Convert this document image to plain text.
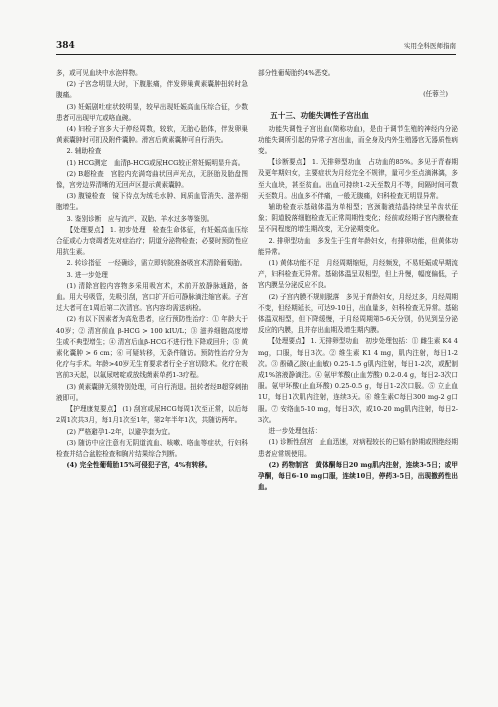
384	实用全科医师指南

多，或可见血块中水泡样物。

(2) 子宫念明显大时，下腹胀痛，伴发卵巢黄素囊肿扭转时急腹痛。

(3) 妊娠剧吐症状较明显，较早出现妊娠高血压综合征，少数患者可出现甲亢或咯血碗。

(4) 妇检子宫多大于停经周数，较软，无胎心胎体，伴发卵巢黄素囊肿时可扪及附件囊肿。滑宫后黄素囊肿可自行消失。

2. 辅助检查

(1) HCG测定　血清β-HCG或尿HCG较正常妊娠明显升高。

(2) B超检查　宫腔内充满弯曲状回声光点，无胚胎及胎盘图像，宫旁边界清晰的无回声区提示黄素囊肿。

(3) 腹镜检查　镜下待点为绒毛水肿、间质血管消失、滋养细胞增生。

3. 鉴别诊断　应与流产、双胎、羊水过多等鉴别。

【处理要点】 1. 初步处理　检查生命体征，有妊娠高血压综合征或心力衰竭者先对症治疗；阴道分泌物检查；必要时预防性应用抗生素。

2. 转诊指征　一经确诊，需立即转院准备吸宫术清除葡萄胎。

3. 进一步处理

(1) 清除宫腔内容物多采用吸宫术，术前开放静脉通路，备血。用大号吸管，先吸引刮，宫口扩开后可静脉滴注缩宫素。子宫过大者可在1周后第二次清宫。宫内容均需送病检。

(2) 有以下因素者为高危患者，应行预防性治疗：① 年龄大于40岁；② 清宫前血 β-HCG > 100 kIU/L；③ 滋养细胞高度增生或不典型增生；④ 清宫后血β-HCG不进行性下降或回升；⑤ 黄素化囊肿 > 6 cm；⑥ 可疑转移，无条件随访。预防性治疗分为化疗与手术。年龄>40岁无生育要求者行全子宫切除术。化疗在吸宫前3天起，以氟尿嘧啶或放线菌素单药1-3疗程。

(3) 黄素囊肿无须特别处理，可自行消退。扭转者经B超穿刺抽液即可。

【护理康复要点】 (1) 刮宫或尿HCG每周1次至正常，以后每2周1次共3月，每1月1次至1年，第2年半年1次，共随访两年。

(2) 严格避孕1-2年，以避孕套为宜。

(3) 随访中应注意有无阴道流血、咳嗽、咯血等症状，行妇科检查并结合盆腔检查和胸片结果综合判断。

(4) 完全性葡萄胎15%可侵犯子宫，4%有转移。

部分性葡萄胎约4%恶变。

(任蓉兰)
五十三、功能失调性子宫出血

功能失调性子宫出血(简称功血)，是由于调节生殖的神经内分泌功能失调所引起的异常子宫出血，而全身及内外生殖器官无器质性病变。

【诊断要点】 1. 无排卵型功血　占功血的85%。多见于青春期及更年期妇女，主要症状为月经完全不规律，量可少至点滴淋漓，多至大血块，甚至贫血。出血可持续1-2天至数月不等，间隔时间可数天至数月。出血多不伴痛，一般无腹痛，妇科检查无明显异常。

辅助检查示基础体温为单相型；宫颈黏液结晶持续呈羊齿状征象；阴道脱落细胞检查无正常周期性变化；经前或经期子宫内膜检查呈不同程度的增生期改变，无分泌期变化。

2. 排卵型功血　多发生于生育年龄妇女，有排卵功能，但黄体功能异常。

(1) 黄体功能不足　月经周期缩短，月经频发，不易妊娠或早期流产，妇科检查无异常。基础体温呈双相型，但上升慢，幅度偏低，子宫内膜呈分泌反应不良。

(2) 子宫内膜不规则脱落　多见于育龄妇女，月经过多，月经周期不变，但经期延长，可达9-10日，出血量多，妇科检查无异常。基础体温双相型，但下降缓慢，于月经周期第5-6天分别，仍见到呈分泌反应的内膜，且并存出血期及增生期内膜。

【处理要点】 1. 无排卵型功血　初步处理包括：① 雌生素 K4 4 mg，口服，每日3次。② 维生素 K1 4 mg，肌内注射，每日1-2次。③ 酚磺乙胺(止血敏) 0.25-1.5 g肌内注射，每日1-2次，或配制成1%溶液静滴注。④ 氨甲苯酸(止血芳酸) 0.2-0.4 g，每日2-3次口服。氨甲环酸(止血环酸) 0.25-0.5 g，每日1-2次口服。⑤ 立止血1U，每日1次肌内注射，连续3天。⑥ 维生素C每日300 mg-2 g口服。⑦ 安络血5-10 mg，每日3次，或10-20 mg肌内注射，每日2-3次。

进一步处理包括：

(1) 诊断性刮宫　止血迅速，对病程较长的已婚有龄期或围绝经期患者应常规使用。

(2) 药物制宫　黄体酮每日20 mg肌内注射，连续3-5日；或甲孕酮，每日6-10 mg口服，连续10日，停药3-5日，出现撤药性出血。
